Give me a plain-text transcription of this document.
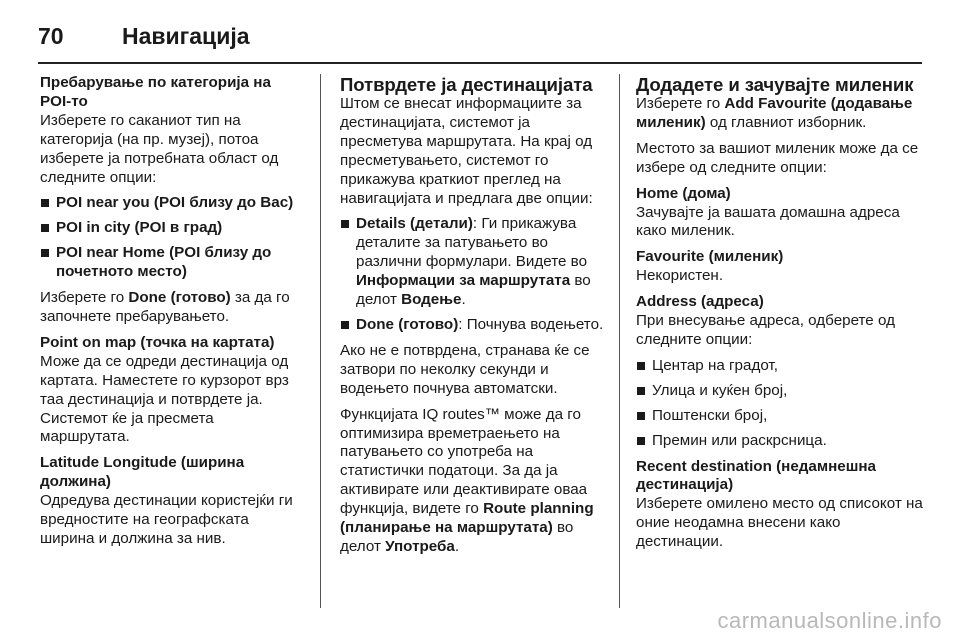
70	Навигација
Пребарување по категорија на POI-то

Изберете го саканиот тип на категорија (на пр. музеј), потоа изберете ја потребната област од следните опции:

POI near you (POI близу до Вас)
POI in city (POI в град)
POI near Home (POI близу до почетното место)

Изберете го Done (готово) за да го започнете пребарувањето.

Point on map (точка на картата)

Може да се одреди дестинација од картата. Наместете го курзорот врз таа дестинација и потврдете ја. Системот ќе ја пресмета маршрутата.

Latitude Longitude (ширина должина)

Одредува дестинации користејќи ги вредностите на географската ширина и должина за нив.

Потврдете ја дестинацијата

Штом се внесат информациите за дестинацијата, системот ја пресметува маршрутата. На крај од пресметувањето, системот го прикажува краткиот преглед на навигацијата и предлага две опции:

Details (детали): Ги прикажува деталите за патувањето во различни формулари. Видете во Информации за маршрутата во делот Водење.
Done (готово): Почнува водењето.

Ако не е потврдена, странава ќе се затвори по неколку секунди и водењето почнува автоматски.

Функцијата IQ routes™ може да го оптимизира времетраењето на патувањето со употреба на статистички податоци. За да ја активирате или деактивирате оваа функција, видете го Route planning (планирање на маршрутата) во делот Употреба.

Додадете и зачувајте миленик

Изберете го Add Favourite (додавање миленик) од главниот изборник.

Местото за вашиот миленик може да се избере од следните опции:

Home (дома)

Зачувајте ја вашата домашна адреса како миленик.

Favourite (миленик)

Некористен.

Address (адреса)

При внесување адреса, одберете од следните опции:

Центар на градот,
Улица и куќен број,
Поштенски број,
Премин или раскрсница.
Recent destination (недамнешна дестинација)

Изберете омилено место од списокот на оние неодамна внесени како дестинации.

carmanualsonline.info
